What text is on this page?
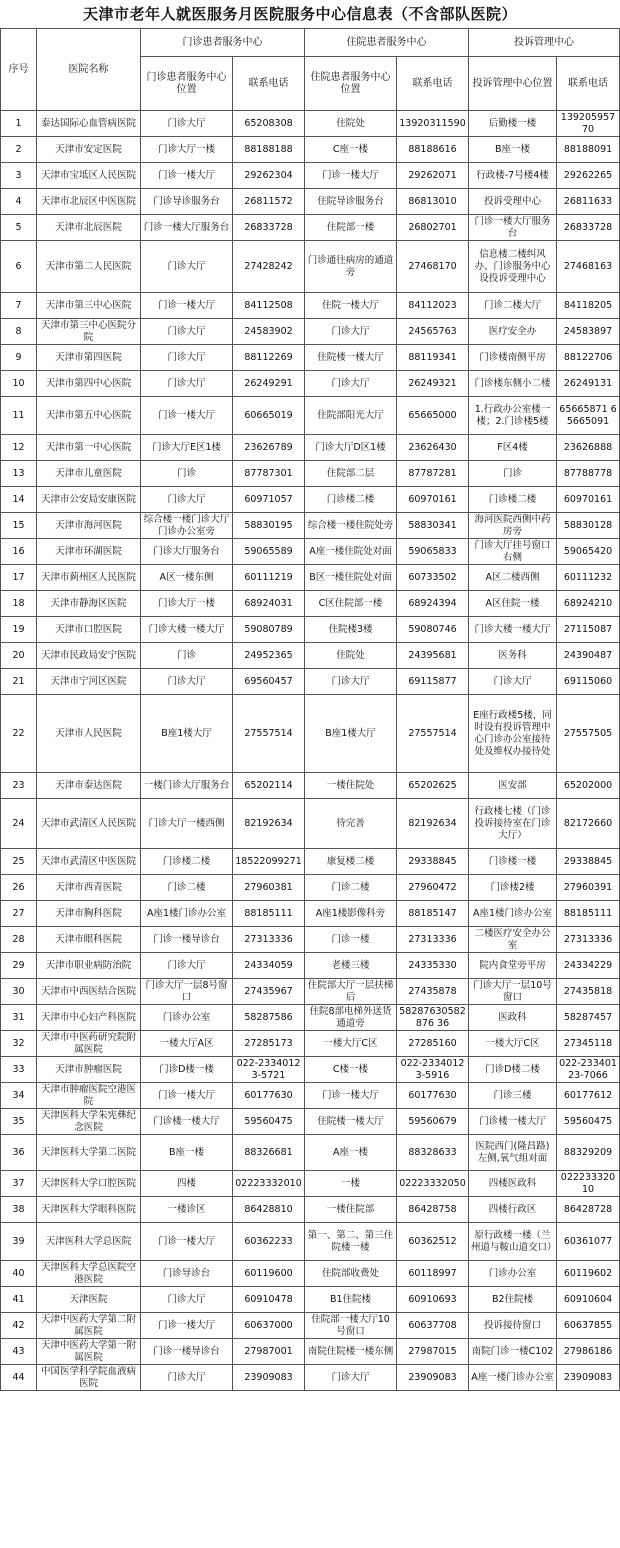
天津市老年人就医服务月医院服务中心信息表（不含部队医院）
序号	医院名称	门诊患者服务中心		住院患者服务中心		投诉管理中心	
		门诊患者服务中心位置	联系电话	住院患者服务中心位置	联系电话	投诉管理中心位置	联系电话
1	泰达国际心血管病医院	门诊大厅	65208308	住院处	13920311590	后勤楼一楼	13920595770
2	天津市安定医院	门诊大厅一楼	88188188	C座一楼	88188616	B座一楼	88188091
3	天津市宝坻区人民医院	门诊一楼大厅	29262304	门诊一楼大厅	29262071	行政楼-7号楼4楼	29262265
4	天津市北辰区中医医院	门诊导诊服务台	26811572	住院导诊服务台	86813010	投诉受理中心	26811633
5	天津市北辰医院	门诊一楼大厅服务台	26833728	住院部一楼	26802701	门诊一楼大厅服务台	26833728
6	天津市第二人民医院	门诊大厅	27428242	门诊通往病房的通道旁	27468170	信息楼二楼纠风办、门诊服务中心设投诉受理中心	27468163
7	天津市第三中心医院	门诊一楼大厅	84112508	住院一楼大厅	84112023	门诊二楼大厅	84118205
8	天津市第三中心医院分院	门诊大厅	24583902	门诊大厅	24565763	医疗安全办	24583897
9	天津市第四医院	门诊大厅	88112269	住院楼一楼大厅	88119341	门诊楼南侧平房	88122706
10	天津市第四中心医院	门诊大厅	26249291	门诊大厅	26249321	门诊楼东侧小二楼	26249131
11	天津市第五中心医院	门诊一楼大厅	60665019	住院部阳光大厅	65665000	1.行政办公室楼一楼；2.门诊楼5楼	65665871 65665091
12	天津市第一中心医院	门诊大厅E区1楼	23626789	门诊大厅D区1楼	23626430	F区4楼	23626888
13	天津市儿童医院	门诊	87787301	住院部二层	87787281	门诊	87788778
14	天津市公安局安康医院	门诊大厅	60971057	门诊楼二楼	60970161	门诊楼二楼	60970161
15	天津市海河医院	综合楼一楼门诊大厅门诊办公室旁	58830195	综合楼一楼住院处旁	58830341	海河医院西侧中药房旁	58830128
16	天津市环湖医院	门诊大厅服务台	59065589	A座一楼住院处对面	59065833	门诊大厅挂号窗口右侧	59065420
17	天津市蓟州区人民医院	A区一楼东侧	60111219	B区一楼住院处对面	60733502	A区二楼西侧	60111232
18	天津市静海区医院	门诊大厅一楼	68924031	C区住院部一楼	68924394	A区住院一楼	68924210
19	天津市口腔医院	门诊大楼一楼大厅	59080789	住院楼3楼	59080746	门诊大楼一楼大厅	27115087
20	天津市民政局安宁医院	门诊	24952365	住院处	24395681	医务科	24390487
21	天津市宁河区医院	门诊大厅	69560457	门诊大厅	69115877	门诊大厅	69115060
22	天津市人民医院	B座1楼大厅	27557514	B座1楼大厅	27557514	E座行政楼5楼，同时设有投诉管理中心门诊办公室接待处及维权办接待处	27557505
23	天津市泰达医院	一楼门诊大厅服务台	65202114	一楼住院处	65202625	医安部	65202000
24	天津市武清区人民医院	门诊大厅一楼西侧	82192634	待完善	82192634	行政楼七楼（门诊投诉接待室在门诊大厅）	82172660
25	天津市武清区中医医院	门诊楼二楼	18522099271	康复楼二楼	29338845	门诊楼一楼	29338845
26	天津市西青医院	门诊二楼	27960381	门诊二楼	27960472	门诊楼2楼	27960391
27	天津市胸科医院	A座1楼门诊办公室	88185111	A座1楼影像科旁	88185147	A座1楼门诊办公室	88185111
28	天津市眼科医院	门诊一楼导诊台	27313336	门诊一楼	27313336	二楼医疗安全办公室	27313336
29	天津市职业病防治院	门诊大厅	24334059	老楼三楼	24335330	院内食堂旁平房	24334229
30	天津市中西医结合医院	门诊大厅一层8号窗口	27435967	住院部大厅一层扶梯后	27435878	门诊大厅一层10号窗口	27435818
31	天津市中心妇产科医院	门诊办公室	58287586	住院8部电梯外送货通道旁	58287630582876 36	医政科	58287457
32	天津市中医药研究院附属医院	一楼大厅A区	27285173	一楼大厅C区	27285160	一楼大厅C区	27345118
33	天津市肿瘤医院	门诊D楼一楼	022-23340123-5721	C楼一楼	022-23340123-5916	门诊D楼二楼	022-23340123-7066
34	天津市肿瘤医院空港医院	门诊一楼大厅	60177630	门诊一楼大厅	60177630	门诊三楼	60177612
35	天津医科大学朱宪彝纪念医院	门诊楼一楼大厅	59560475	住院楼一楼大厅	59560679	门诊楼一楼大厅	59560475
36	天津医科大学第二医院	B座一楼	88326681	A座一楼	88328633	医院西门(隆昌路)左侧,氧气组对面	88329209
37	天津医科大学口腔医院	四楼	02223332010	一楼	02223332050	四楼医政科	02223332010
38	天津医科大学眼科医院	一楼诊区	86428810	一楼住院部	86428758	四楼行政区	86428728
39	天津医科大学总医院	门诊一楼大厅	60362233	第一、第二、第三住院楼一楼	60362512	原行政楼一楼（兰州道与鞍山道交口）	60361077
40	天津医科大学总医院空港医院	门诊导诊台	60119600	住院部收费处	60118997	门诊办公室	60119602
41	天津医院	门诊大厅	60910478	B1住院楼	60910693	B2住院楼	60910604
42	天津中医药大学第二附属医院	门诊一楼大厅	60637000	住院部一楼大厅10号窗口	60637708	投诉接待窗口	60637855
43	天津中医药大学第一附属医院	门诊一楼导诊台	27987001	南院住院楼一楼东侧	27987015	南院门诊一楼C102	27986186
44	中国医学科学院血液病医院	门诊大厅	23909083	门诊大厅	23909083	A座一楼门诊办公室	23909083
